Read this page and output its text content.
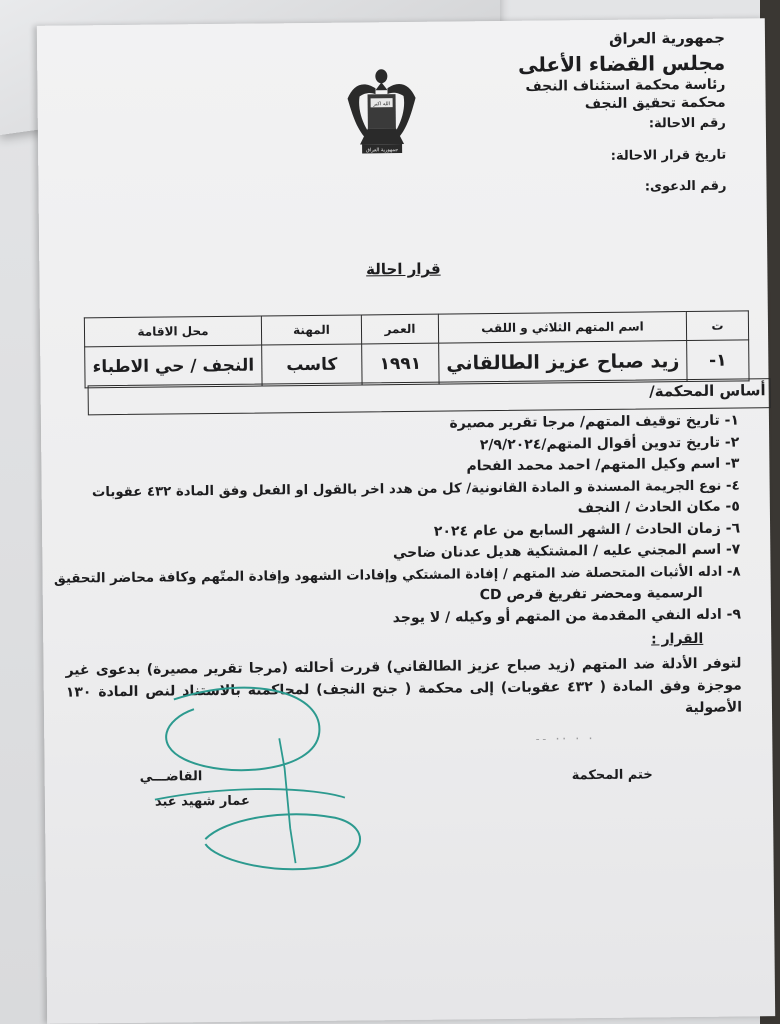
جمهورية العراق
مجلس القضاء الأعلى
رئاسة محكمة استئناف النجف
محكمة تحقيق النجف
رقم الاحالة:
تاريخ قرار الاحالة:
رقم الدعوى:
الله اكبر
جمهورية العراق
قرار احالة
ت	اسم المتهم الثلاثي و اللقب	العمر	المهنة	محل الاقامة
١-	زيد صباح عزيز الطالقاني	١٩٩١	كاسب	النجف / حي الاطباء
أساس المحكمة/
١- تاريخ توقيف المتهم/ مرجا تقرير مصيرة
٢- تاريخ تدوين أقوال المتهم/٢/٩/٢٠٢٤
٣- اسم وكيل المتهم/ احمد محمد الفحام
٤- نوع الجريمة المسندة و المادة القانونية/ كل من هدد اخر بالقول او الفعل وفق المادة ٤٣٢ عقوبات
٥- مكان الحادث / النجف
٦- زمان الحادث / الشهر السابع من عام ٢٠٢٤
٧- اسم المجني عليه / المشتكية هديل عدنان ضاحي
٨- ادله الأثبات المتحصلة ضد المتهم / إفادة المشتكي وإفادات الشهود وإفادة المتّهم وكافة محاضر التحقيق
الرسمية ومحضر تفريغ قرص CD
٩- ادله النفي المقدمة من المتهم أو وكيله / لا يوجد
القرار :
لتوفر الأدلة ضد المتهم (زيد صباح عزيز الطالقاني) قررت أحالته (مرجا تقرير مصيرة) بدعوى غير موجزة وفق المادة ( ٤٣٢ عقوبات) إلى محكمة ( جنح النجف) لمحاكمته بالاستناد لنص المادة ١٣٠ الأصولية
-- ·· · ·
القاضـــي
عمار شهيد عبد
ختم المحكمة
